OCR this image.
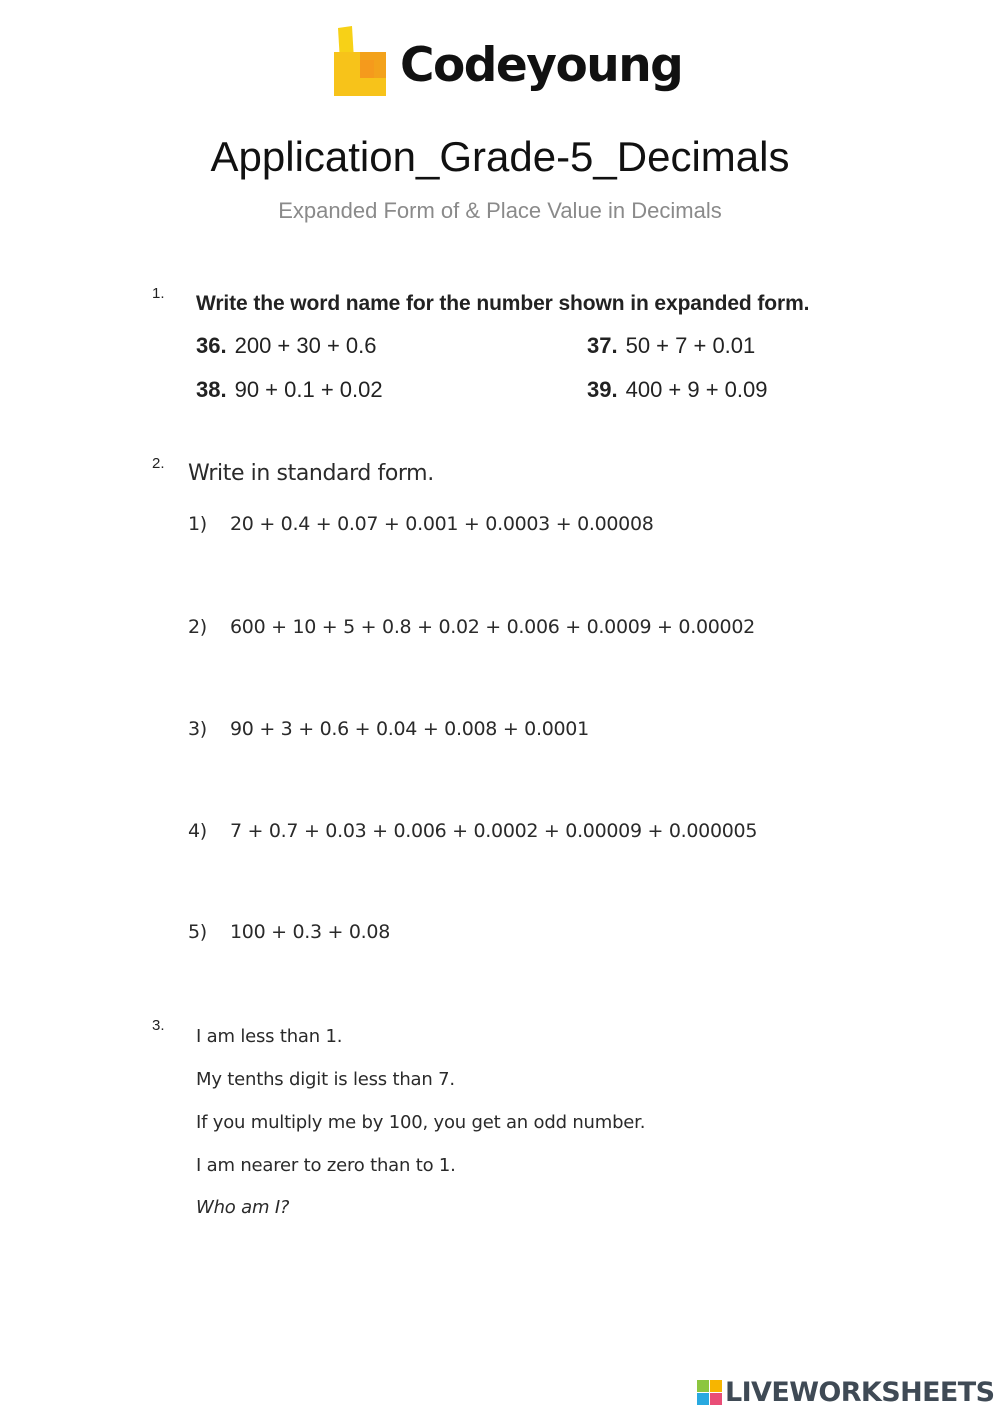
Codeyoung
Application_Grade-5_Decimals
Expanded Form of & Place Value in Decimals
1. Write the word name for the number shown in expanded form.
36. 200 + 30 + 0.6	37. 50 + 7 + 0.01
38. 90 + 0.1 + 0.02	39. 400 + 9 + 0.09
2. Write in standard form.
1) 20 + 0.4 + 0.07 + 0.001 + 0.0003 + 0.00008
2) 600 + 10 + 5 + 0.8 + 0.02 + 0.006 + 0.0009 + 0.00002
3) 90 + 3 + 0.6 + 0.04 + 0.008 + 0.0001
4) 7 + 0.7 + 0.03 + 0.006 + 0.0002 + 0.00009 + 0.000005
5) 100 + 0.3 + 0.08
3.
I am less than 1.
My tenths digit is less than 7.
If you multiply me by 100, you get an odd number.
I am nearer to zero than to 1.
Who am I?
LIVEWORKSHEETS
